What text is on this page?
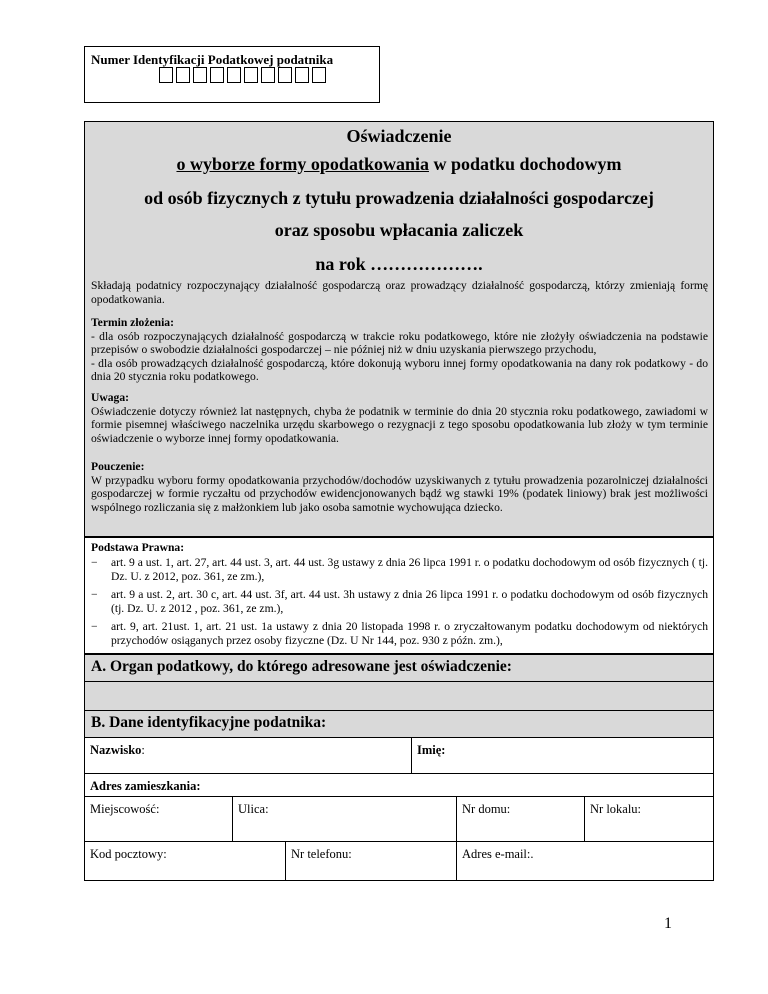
Numer Identyfikacji Podatkowej podatnika
Oświadczenie
o wyborze formy opodatkowania w podatku dochodowym
od osób fizycznych z tytułu prowadzenia działalności gospodarczej
oraz sposobu wpłacania zaliczek
na rok ……………….
Składają podatnicy rozpoczynający działalność gospodarczą oraz prowadzący działalność gospodarczą, którzy zmieniają formę opodatkowania.
Termin złożenia:
- dla osób rozpoczynających działalność gospodarczą w trakcie roku podatkowego, które nie złożyły oświadczenia na podstawie przepisów o swobodzie działalności gospodarczej – nie później niż w dniu uzyskania pierwszego przychodu,
- dla osób prowadzących działalność gospodarczą, które dokonują wyboru innej formy opodatkowania na dany rok podatkowy - do dnia 20 stycznia roku podatkowego.
Uwaga:
Oświadczenie dotyczy również lat następnych, chyba że podatnik w terminie do dnia 20 stycznia roku podatkowego, zawiadomi w formie pisemnej właściwego naczelnika urzędu skarbowego o rezygnacji z tego sposobu opodatkowania lub złoży w tym terminie oświadczenie o wyborze innej formy opodatkowania.
Pouczenie:
W przypadku wyboru formy opodatkowania przychodów/dochodów uzyskiwanych z tytułu prowadzenia pozarolniczej działalności gospodarczej w formie ryczałtu od przychodów ewidencjonowanych bądź wg stawki 19% (podatek liniowy) brak jest możliwości wspólnego rozliczania się z małżonkiem lub jako osoba samotnie wychowująca dziecko.
Podstawa Prawna:
− art. 9 a ust. 1, art. 27, art. 44 ust. 3, art. 44 ust. 3g ustawy z dnia 26 lipca 1991 r. o podatku dochodowym od osób fizycznych ( tj. Dz. U. z 2012, poz. 361, ze zm.),
− art. 9 a ust. 2, art. 30 c, art. 44 ust. 3f, art. 44 ust. 3h ustawy z dnia 26 lipca 1991 r. o podatku dochodowym od osób fizycznych (tj. Dz. U. z 2012 , poz. 361, ze zm.),
− art. 9, art. 21ust. 1, art. 21 ust. 1a ustawy z dnia 20 listopada 1998 r. o zryczałtowanym podatku dochodowym od niektórych przychodów osiąganych przez osoby fizyczne (Dz. U Nr 144, poz. 930 z późn. zm.),
A. Organ podatkowy, do którego adresowane jest oświadczenie:
B. Dane identyfikacyjne podatnika:
Nazwisko:	Imię:
Adres zamieszkania:
Miejscowość:	Ulica:	Nr domu:	Nr lokalu:
Kod pocztowy:	Nr telefonu:	Adres e-mail:.
1
